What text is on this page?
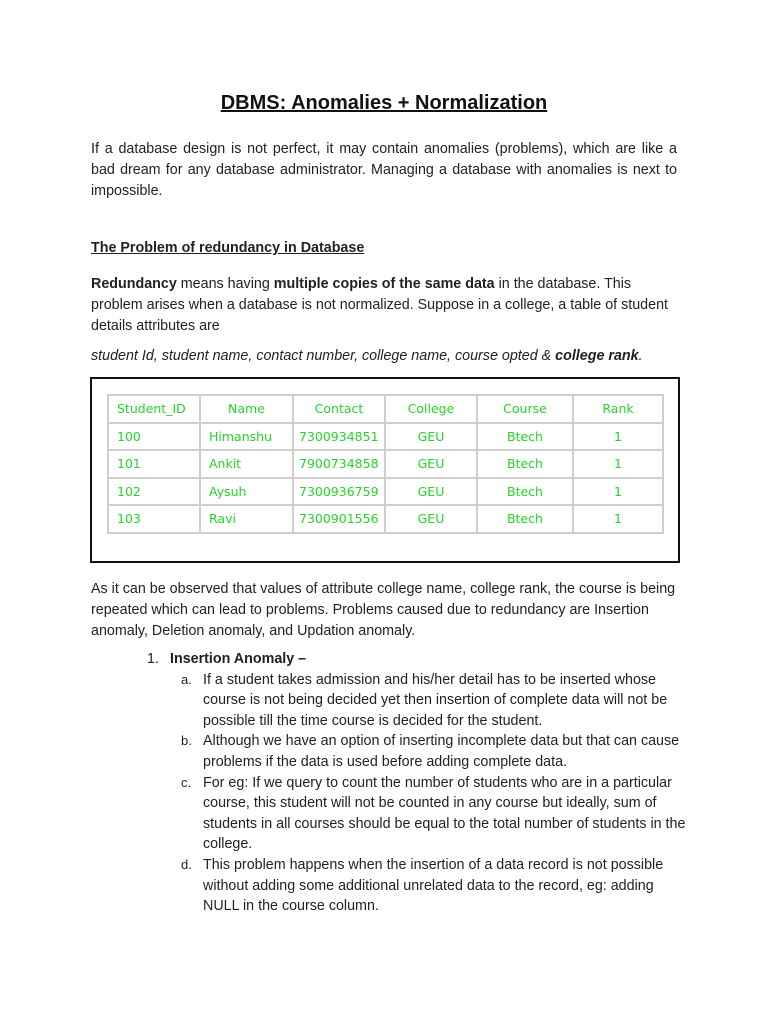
DBMS: Anomalies + Normalization

If a database design is not perfect, it may contain anomalies (problems), which are like a bad dream for any database administrator. Managing a database with anomalies is next to impossible.

The Problem of redundancy in Database

Redundancy means having multiple copies of the same data in the database. This problem arises when a database is not normalized. Suppose in a college, a table of student details attributes are

student Id, student name, contact number, college name, course opted & college rank.

Student_ID	Name	Contact	College	Course	Rank
100	Himanshu	7300934851	GEU	Btech	1
101	Ankit	7900734858	GEU	Btech	1
102	Aysuh	7300936759	GEU	Btech	1
103	Ravi	7300901556	GEU	Btech	1

As it can be observed that values of attribute college name, college rank, the course is being repeated which can lead to problems. Problems caused due to redundancy are Insertion anomaly, Deletion anomaly, and Updation anomaly.

1. Insertion Anomaly –
a. If a student takes admission and his/her detail has to be inserted whose course is not being decided yet then insertion of complete data will not be possible till the time course is decided for the student.
b. Although we have an option of inserting incomplete data but that can cause problems if the data is used before adding complete data.
c. For eg: If we query to count the number of students who are in a particular course, this student will not be counted in any course but ideally, sum of students in all courses should be equal to the total number of students in the college.
d. This problem happens when the insertion of a data record is not possible without adding some additional unrelated data to the record, eg: adding NULL in the course column.
